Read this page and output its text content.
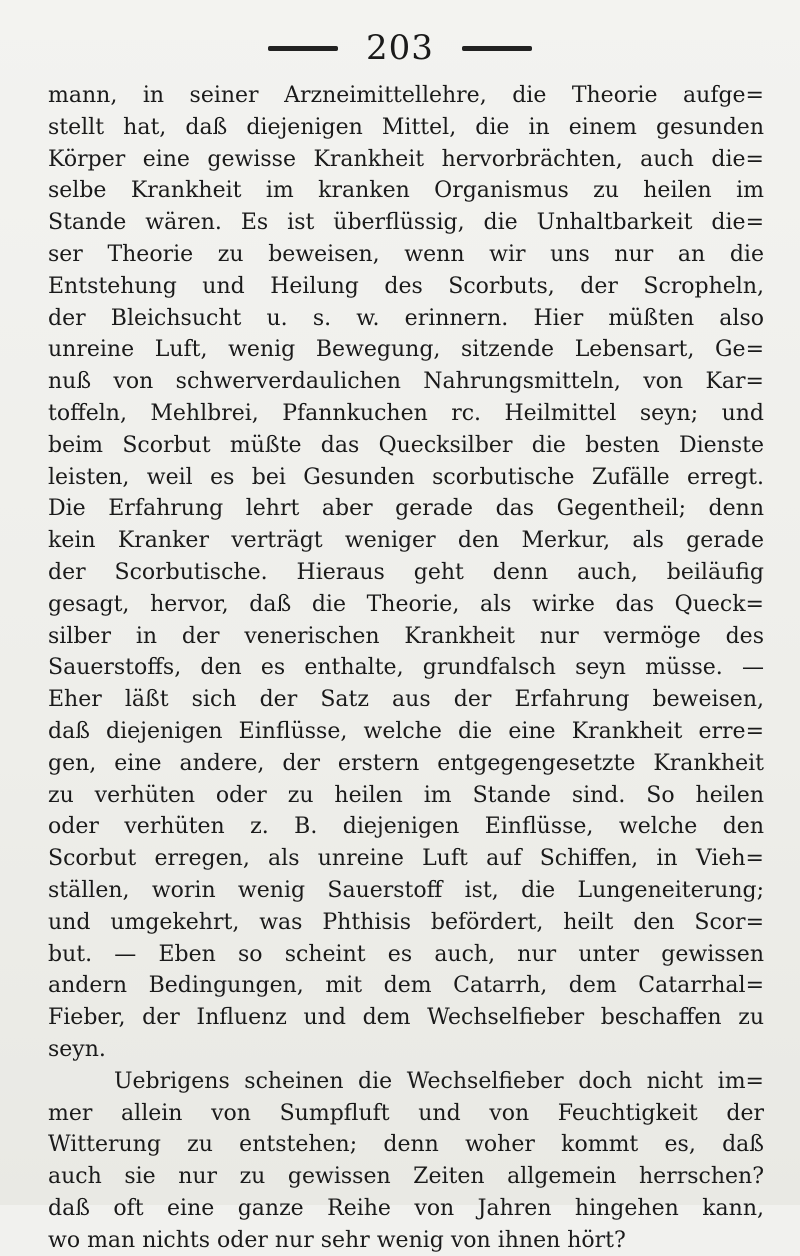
203
mann, in seiner Arzneimittellehre, die Theorie aufge=
stellt hat, daß diejenigen Mittel, die in einem gesunden
Körper eine gewisse Krankheit hervorbrächten, auch die=
selbe Krankheit im kranken Organismus zu heilen im
Stande wären. Es ist überflüssig, die Unhaltbarkeit die=
ser Theorie zu beweisen, wenn wir uns nur an die
Entstehung und Heilung des Scorbuts, der Scropheln,
der Bleichsucht u. s. w. erinnern. Hier müßten also
unreine Luft, wenig Bewegung, sitzende Lebensart, Ge=
nuß von schwerverdaulichen Nahrungsmitteln, von Kar=
toffeln, Mehlbrei, Pfannkuchen rc. Heilmittel seyn; und
beim Scorbut müßte das Quecksilber die besten Dienste
leisten, weil es bei Gesunden scorbutische Zufälle erregt.
Die Erfahrung lehrt aber gerade das Gegentheil; denn
kein Kranker verträgt weniger den Merkur, als gerade
der Scorbutische. Hieraus geht denn auch, beiläufig
gesagt, hervor, daß die Theorie, als wirke das Queck=
silber in der venerischen Krankheit nur vermöge des
Sauerstoffs, den es enthalte, grundfalsch seyn müsse. —
Eher läßt sich der Satz aus der Erfahrung beweisen,
daß diejenigen Einflüsse, welche die eine Krankheit erre=
gen, eine andere, der erstern entgegengesetzte Krankheit
zu verhüten oder zu heilen im Stande sind. So heilen
oder verhüten z. B. diejenigen Einflüsse, welche den
Scorbut erregen, als unreine Luft auf Schiffen, in Vieh=
ställen, worin wenig Sauerstoff ist, die Lungeneiterung;
und umgekehrt, was Phthisis befördert, heilt den Scor=
but. — Eben so scheint es auch, nur unter gewissen
andern Bedingungen, mit dem Catarrh, dem Catarrhal=
Fieber, der Influenz und dem Wechselfieber beschaffen zu
seyn.
Uebrigens scheinen die Wechselfieber doch nicht im=
mer allein von Sumpfluft und von Feuchtigkeit der
Witterung zu entstehen; denn woher kommt es, daß
auch sie nur zu gewissen Zeiten allgemein herrschen?
daß oft eine ganze Reihe von Jahren hingehen kann,
wo man nichts oder nur sehr wenig von ihnen hört?
